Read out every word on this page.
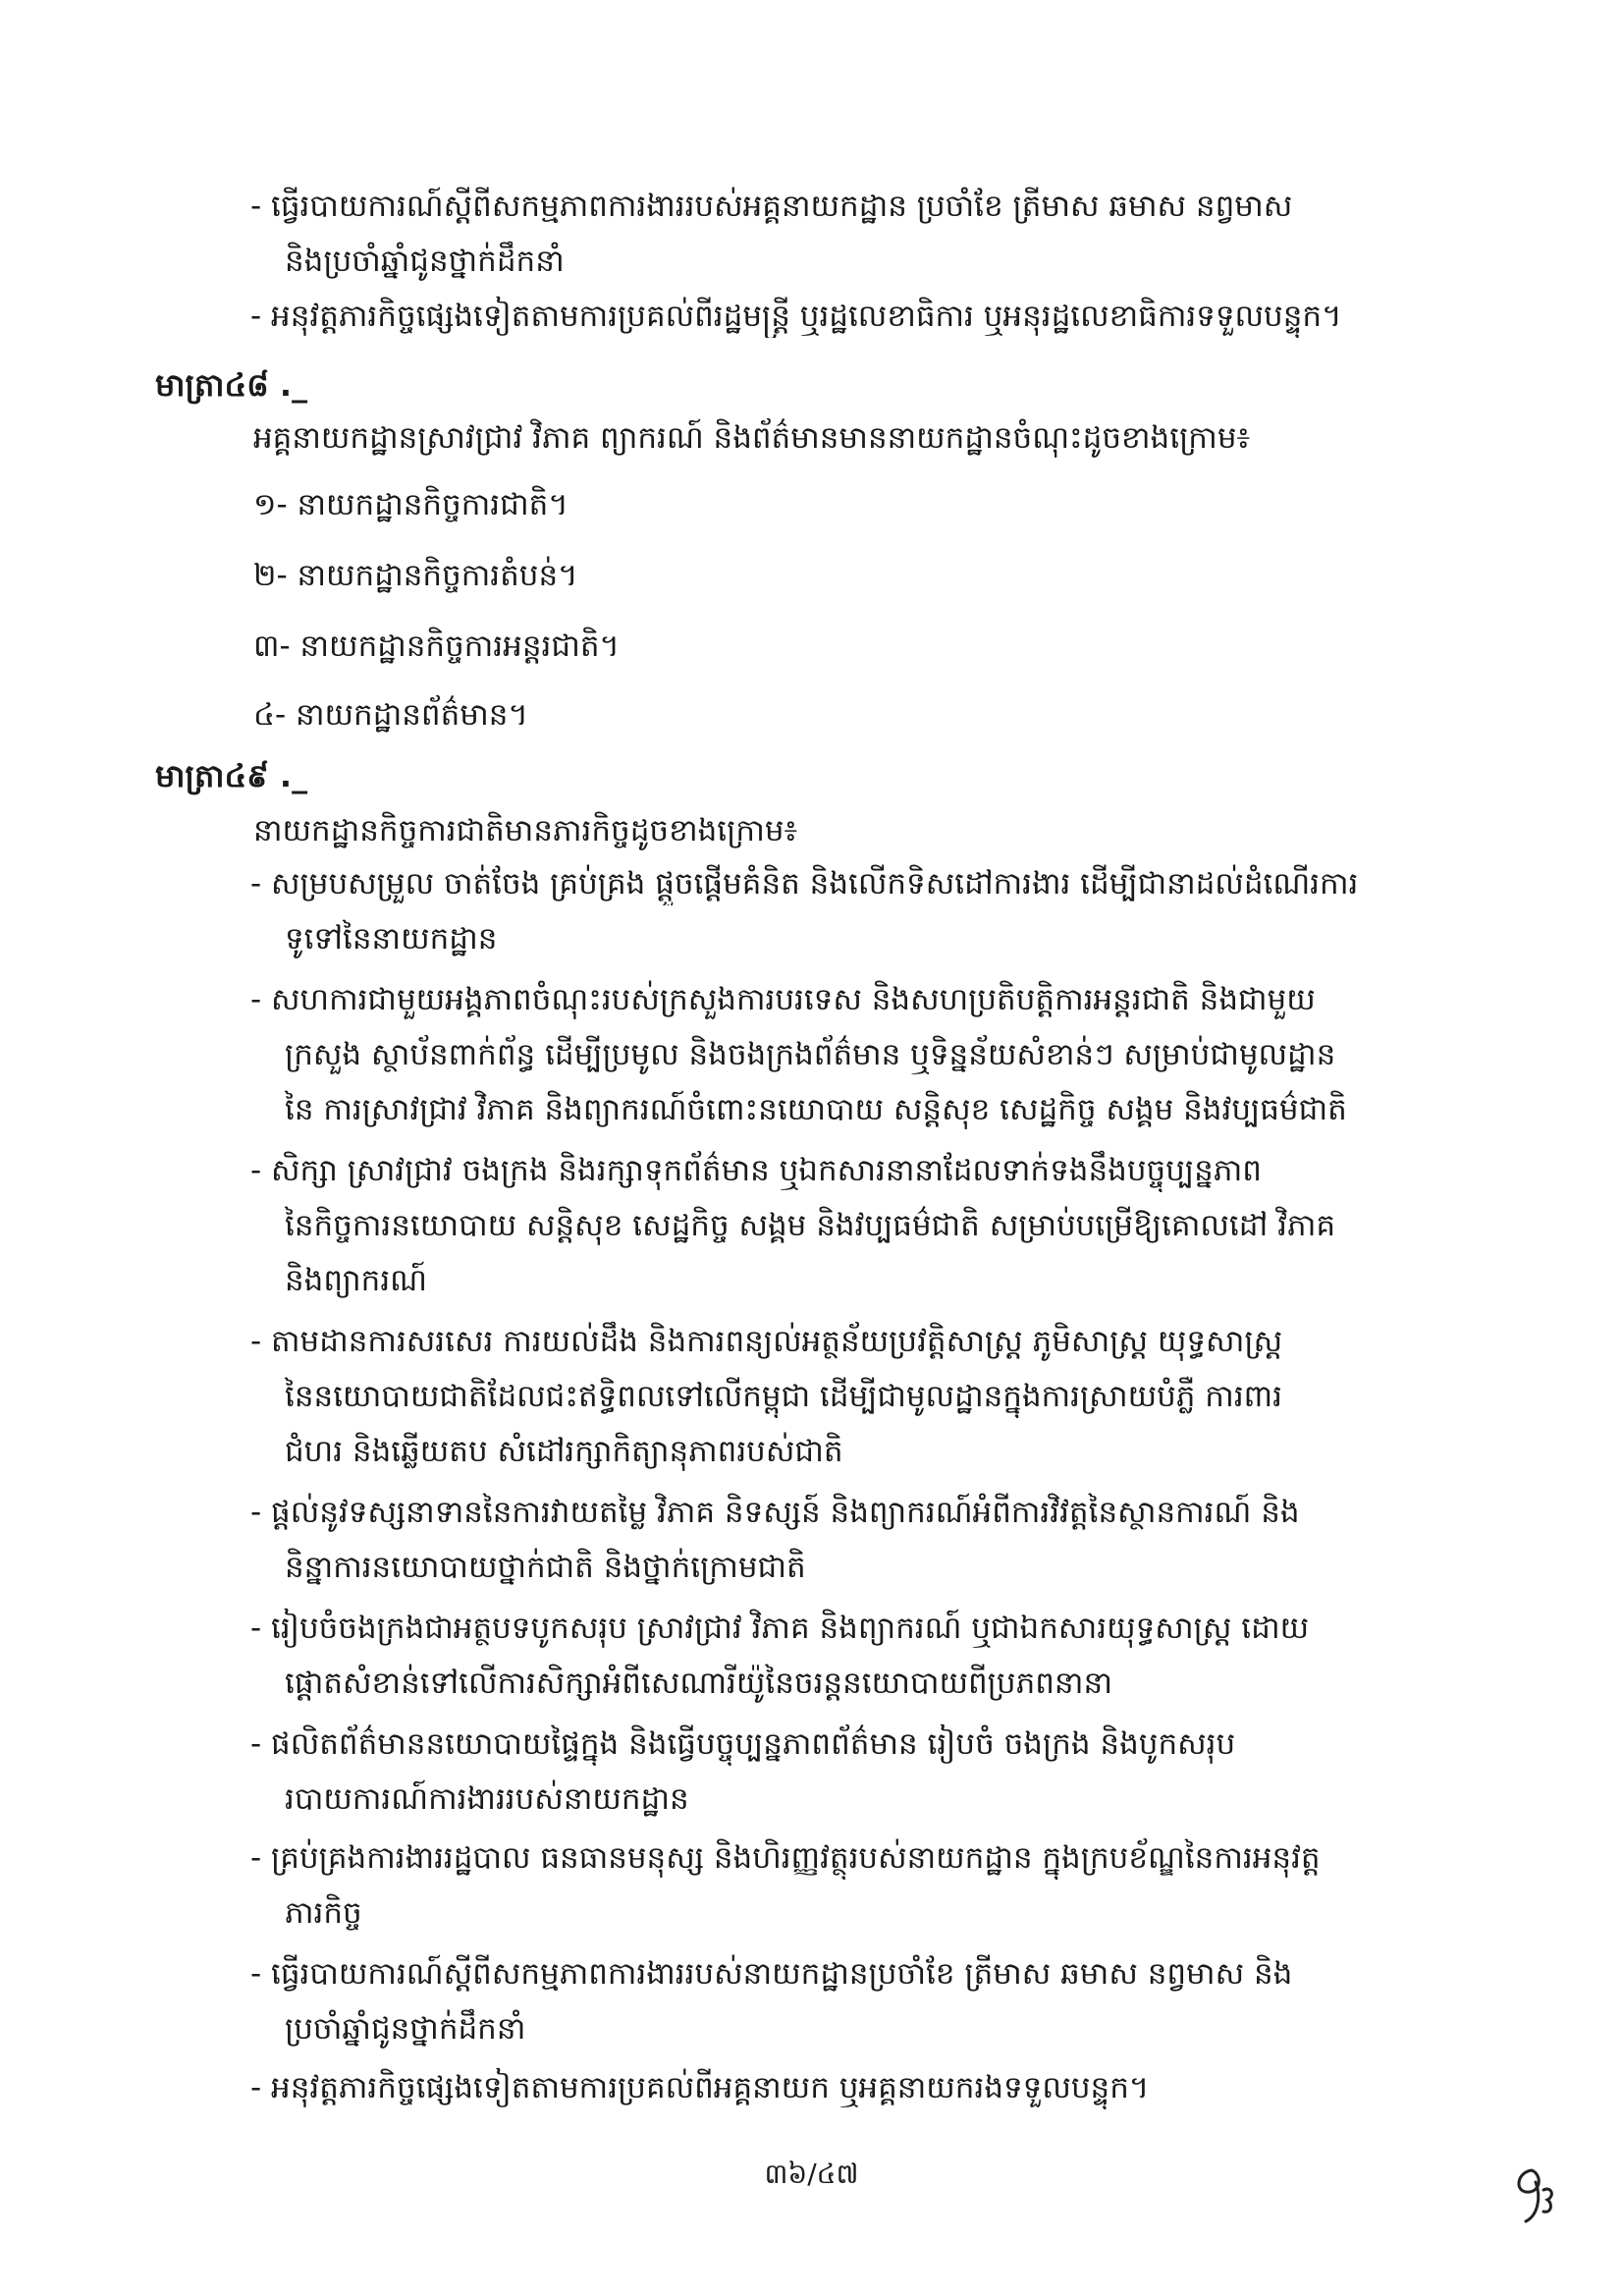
- ធ្វើរបាយការណ៍ស្តីពីសកម្មភាពការងាររបស់អគ្គនាយកដ្ឋាន ប្រចាំខែ ត្រីមាស ឆមាស នព្វមាស
និងប្រចាំឆ្នាំជូនថ្នាក់ដឹកនាំ
- អនុវត្តភារកិច្ចផ្សេងទៀតតាមការប្រគល់ពីរដ្ឋមន្រ្តី ឬរដ្ឋលេខាធិការ ឬអនុរដ្ឋលេខាធិការទទួលបន្ទុក។
មាត្រា៤៨ ._
អគ្គនាយកដ្ឋានស្រាវជ្រាវ វិភាគ ព្យាករណ៍ និងព័ត៌មានមាននាយកដ្ឋានចំណុះដូចខាងក្រោម៖
១- នាយកដ្ឋានកិច្ចការជាតិ។
២- នាយកដ្ឋានកិច្ចការតំបន់។
៣- នាយកដ្ឋានកិច្ចការអន្តរជាតិ។
៤- នាយកដ្ឋានព័ត៌មាន។
មាត្រា៤៩ ._
នាយកដ្ឋានកិច្ចការជាតិមានភារកិច្ចដូចខាងក្រោម៖
- សម្របសម្រួល ចាត់ចែង គ្រប់គ្រង ផ្តួចផ្តើមគំនិត និងលើកទិសដៅការងារ ដើម្បីជានាដល់ដំណើរការ
ទូទៅនៃនាយកដ្ឋាន
- សហការជាមួយអង្គភាពចំណុះរបស់ក្រសួងការបរទេស និងសហប្រតិបត្តិការអន្តរជាតិ និងជាមួយ
ក្រសួង ស្ថាប័នពាក់ព័ន្ធ ដើម្បីប្រមូល និងចងក្រងព័ត៌មាន ឬទិន្នន័យសំខាន់ៗ សម្រាប់ជាមូលដ្ឋាន
នៃ ការស្រាវជ្រាវ វិភាគ និងព្យាករណ៍ចំពោះនយោបាយ សន្តិសុខ សេដ្ឋកិច្ច សង្គម និងវប្បធម៌ជាតិ
- សិក្សា ស្រាវជ្រាវ ចងក្រង និងរក្សាទុកព័ត៌មាន ឬឯកសារនានាដែលទាក់ទងនឹងបច្ចុប្បន្នភាព
នៃកិច្ចការនយោបាយ សន្តិសុខ សេដ្ឋកិច្ច សង្គម និងវប្បធម៌ជាតិ សម្រាប់បម្រើឱ្យគោលដៅ វិភាគ
និងព្យាករណ៍
- តាមដានការសរសេរ ការយល់ដឹង និងការពន្យល់អត្ថន័យប្រវត្តិសាស្ត្រ ភូមិសាស្ត្រ យុទ្ធសាស្ត្រ
នៃនយោបាយជាតិដែលជះឥទ្ធិពលទៅលើកម្ពុជា ដើម្បីជាមូលដ្ឋានក្នុងការស្រាយបំភ្លឺ ការពារ
ជំហរ និងឆ្លើយតប សំដៅរក្សាកិត្យានុភាពរបស់ជាតិ
- ផ្តល់នូវទស្សនាទាននៃការវាយតម្លៃ វិភាគ និទស្សន៍ និងព្យាករណ៍អំពីការវិវត្តនៃស្ថានការណ៍ និង
និន្នាការនយោបាយថ្នាក់ជាតិ និងថ្នាក់ក្រោមជាតិ
- រៀបចំចងក្រងជាអត្ថបទបូកសរុប ស្រាវជ្រាវ វិភាគ និងព្យាករណ៍ ឬជាឯកសារយុទ្ធសាស្ត្រ ដោយ
ផ្តោតសំខាន់ទៅលើការសិក្សាអំពីសេណារីយ៉ូនៃចរន្តនយោបាយពីប្រភពនានា
- ផលិតព័ត៌មាននយោបាយផ្ទៃក្នុង និងធ្វើបច្ចុប្បន្នភាពព័ត៌មាន រៀបចំ ចងក្រង និងបូកសរុប
របាយការណ៍ការងាររបស់នាយកដ្ឋាន
- គ្រប់គ្រងការងាររដ្ឋបាល ធនធានមនុស្ស និងហិរញ្ញវត្ថុរបស់នាយកដ្ឋាន ក្នុងក្របខ័ណ្ឌនៃការអនុវត្ត
ភារកិច្ច
- ធ្វើរបាយការណ៍ស្តីពីសកម្មភាពការងាររបស់នាយកដ្ឋានប្រចាំខែ ត្រីមាស ឆមាស នព្វមាស និង
ប្រចាំឆ្នាំជូនថ្នាក់ដឹកនាំ
- អនុវត្តភារកិច្ចផ្សេងទៀតតាមការប្រគល់ពីអគ្គនាយក ឬអគ្គនាយករងទទួលបន្ទុក។
៣៦/៤៧
